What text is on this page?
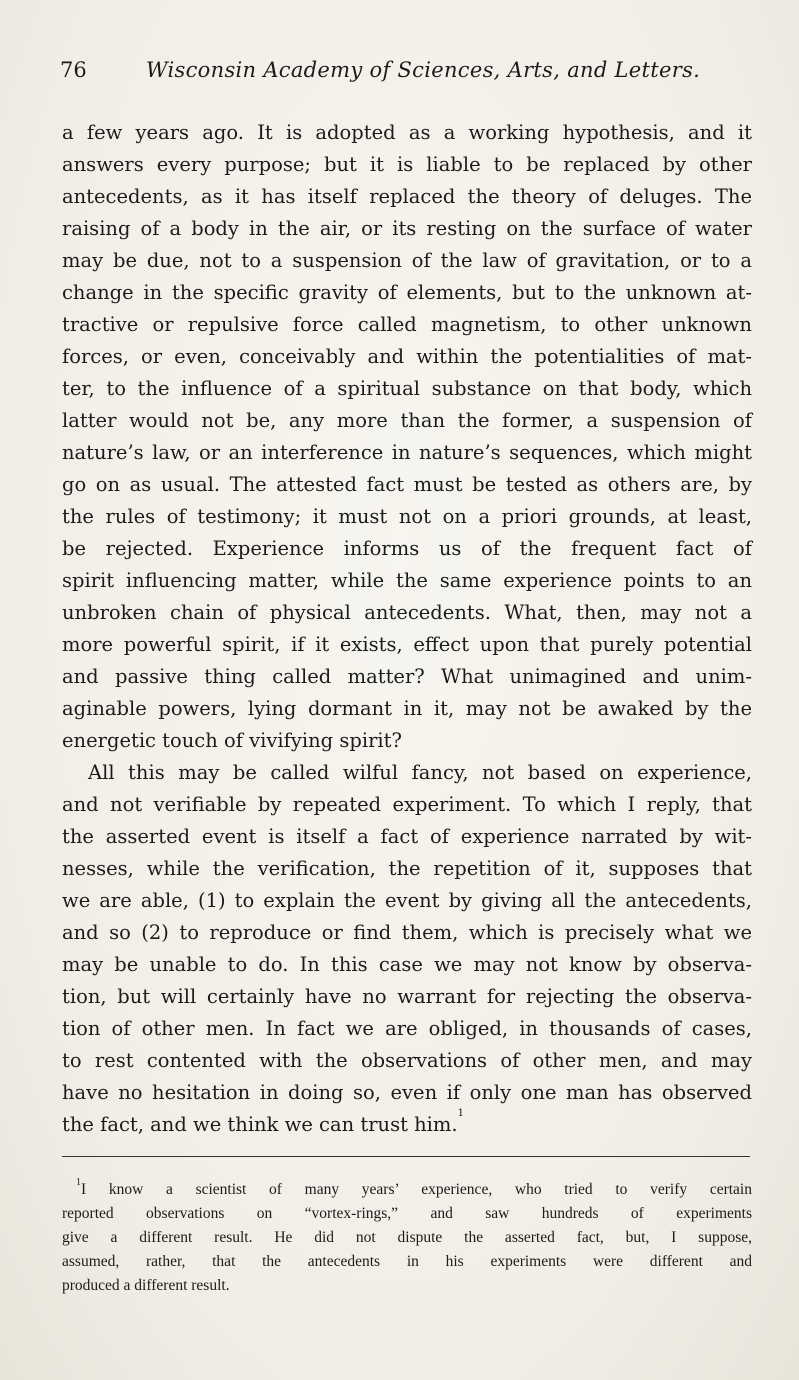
76	Wisconsin Academy of Sciences, Arts, and Letters.
a few years ago. It is adopted as a working hypothesis, and it
answers every purpose; but it is liable to be replaced by other
antecedents, as it has itself replaced the theory of deluges. The
raising of a body in the air, or its resting on the surface of water
may be due, not to a suspension of the law of gravitation, or to a
change in the specific gravity of elements, but to the unknown at-
tractive or repulsive force called magnetism, to other unknown
forces, or even, conceivably and within the potentialities of mat-
ter, to the influence of a spiritual substance on that body, which
latter would not be, any more than the former, a suspension of
nature’s law, or an interference in nature’s sequences, which might
go on as usual. The attested fact must be tested as others are, by
the rules of testimony; it must not on a priori grounds, at least,
be rejected. Experience informs us of the frequent fact of
spirit influencing matter, while the same experience points to an
unbroken chain of physical antecedents. What, then, may not a
more powerful spirit, if it exists, effect upon that purely potential
and passive thing called matter? What unimagined and unim-
aginable powers, lying dormant in it, may not be awaked by the
energetic touch of vivifying spirit?
All this may be called wilful fancy, not based on experience,
and not verifiable by repeated experiment. To which I reply, that
the asserted event is itself a fact of experience narrated by wit-
nesses, while the verification, the repetition of it, supposes that
we are able, (1) to explain the event by giving all the antecedents,
and so (2) to reproduce or find them, which is precisely what we
may be unable to do. In this case we may not know by observa-
tion, but will certainly have no warrant for rejecting the observa-
tion of other men. In fact we are obliged, in thousands of cases,
to rest contented with the observations of other men, and may
have no hesitation in doing so, even if only one man has observed
the fact, and we think we can trust him.$^1$
$^1$I know a scientist of many years’ experience, who tried to verify certain
reported observations on “vortex-rings,” and saw hundreds of experiments
give a different result. He did not dispute the asserted fact, but, I suppose,
assumed, rather, that the antecedents in his experiments were different and
produced a different result.
